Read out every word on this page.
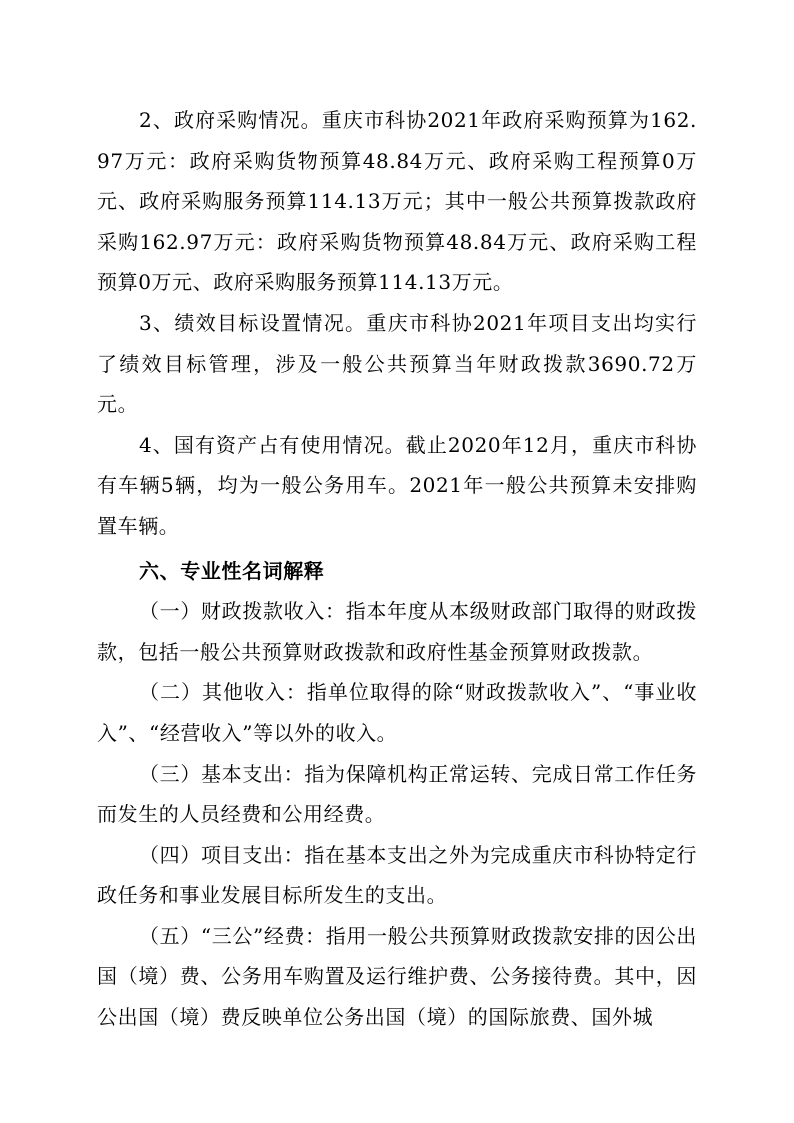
2、政府采购情况。重庆市科协2021年政府采购预算为162.97万元：政府采购货物预算48.84万元、政府采购工程预算0万元、政府采购服务预算114.13万元；其中一般公共预算拨款政府采购162.97万元：政府采购货物预算48.84万元、政府采购工程预算0万元、政府采购服务预算114.13万元。

3、绩效目标设置情况。重庆市科协2021年项目支出均实行了绩效目标管理，涉及一般公共预算当年财政拨款3690.72万元。

4、国有资产占有使用情况。截止2020年12月，重庆市科协有车辆5辆，均为一般公务用车。2021年一般公共预算未安排购置车辆。

六、专业性名词解释

（一）财政拨款收入：指本年度从本级财政部门取得的财政拨款，包括一般公共预算财政拨款和政府性基金预算财政拨款。

（二）其他收入：指单位取得的除“财政拨款收入”、“事业收入”、“经营收入”等以外的收入。

（三）基本支出：指为保障机构正常运转、完成日常工作任务而发生的人员经费和公用经费。

（四）项目支出：指在基本支出之外为完成重庆市科协特定行政任务和事业发展目标所发生的支出。

（五）“三公”经费：指用一般公共预算财政拨款安排的因公出国（境）费、公务用车购置及运行维护费、公务接待费。其中，因公出国（境）费反映单位公务出国（境）的国际旅费、国外城
